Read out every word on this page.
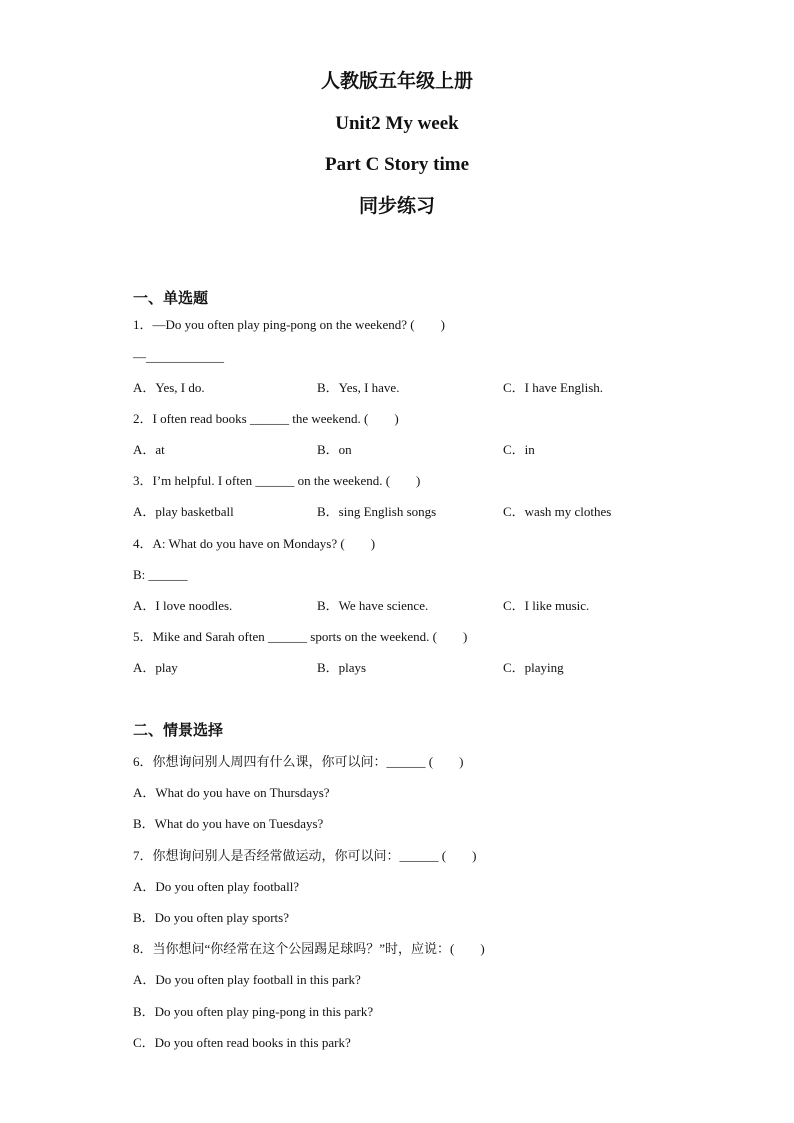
人教版五年级上册
Unit2 My week
Part C Story time
同步练习
一、单选题
1．—Do you often play ping-pong on the weekend? (　　)
—____________
A．Yes, I do.	B．Yes, I have.	C．I have English.
2．I often read books ______ the weekend. (　　)
A．at	B．on	C．in
3．I’m helpful. I often ______ on the weekend. (　　)
A．play basketball	B．sing English songs	C．wash my clothes
4．A: What do you have on Mondays? (　　)
B: ______
A．I love noodles.	B．We have science.	C．I like music.
5．Mike and Sarah often ______ sports on the weekend. (　　)
A．play	B．plays	C．playing
二、情景选择
6．你想询问别人周四有什么课，你可以问：______ (　　)
A．What do you have on Thursdays?
B．What do you have on Tuesdays?
7．你想询问别人是否经常做运动，你可以问：______ (　　)
A．Do you often play football?
B．Do you often play sports?
8．当你想问“你经常在这个公园踢足球吗？”时，应说：(　　)
A．Do you often play football in this park?
B．Do you often play ping-pong in this park?
C．Do you often read books in this park?
